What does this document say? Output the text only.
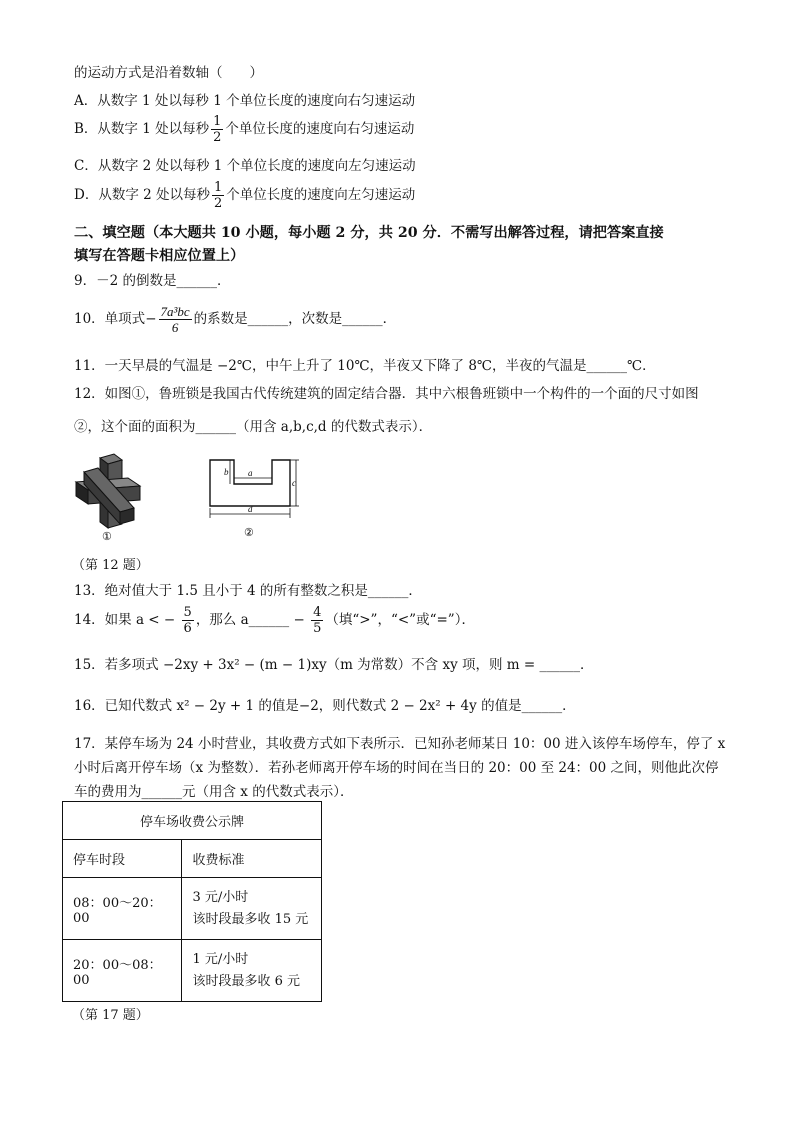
的运动方式是沿着数轴（　　）
A．从数字 1 处以每秒 1 个单位长度的速度向右匀速运动
B．从数字 1 处以每秒 $\frac{1}{2}$ 个单位长度的速度向右匀速运动
C．从数字 2 处以每秒 1 个单位长度的速度向左匀速运动
D．从数字 2 处以每秒 $\frac{1}{2}$ 个单位长度的速度向左匀速运动
二、填空题（本大题共 10 小题，每小题 2 分，共 20 分．不需写出解答过程，请把答案直接
填写在答题卡相应位置上）
9．－2 的倒数是______．
10．单项式− $\frac{\text{7a³bc}}{6}$ 的系数是______，次数是______．
11．一天早晨的气温是 −2℃，中午上升了 10℃，半夜又下降了 8℃，半夜的气温是______℃．
12．如图①，鲁班锁是我国古代传统建筑的固定结合器．其中六根鲁班锁中一个构件的一个面的尺寸如图
②，这个面的面积为______（用含 a,b,c,d 的代数式表示）．
①
a
b
c
d
②
（第 12 题）
13．绝对值大于 1.5 且小于 4 的所有整数之积是______．
14．如果 a < − $\frac{5}{6}$ ，那么 a______ − $\frac{4}{5}$ （填“>”，“<”或“=”）．
15．若多项式 −2xy + 3x² − (m − 1)xy（m 为常数）不含 xy 项，则 m = ______．
16．已知代数式 x² − 2y + 1 的值是−2，则代数式 2 − 2x² + 4y 的值是______．
17．某停车场为 24 小时营业，其收费方式如下表所示．已知孙老师某日 10：00 进入该停车场停车，停了 x
小时后离开停车场（x 为整数）．若孙老师离开停车场的时间在当日的 20：00 至 24：00 之间，则他此次停
车的费用为______元（用含 x 的代数式表示）．
停车场收费公示牌	
停车时段	收费标准
08：00～20：00	3 元/小时
该时段最多收 15 元

20：00～08：00	1 元/小时
该时段最多收 6 元
（第 17 题）
